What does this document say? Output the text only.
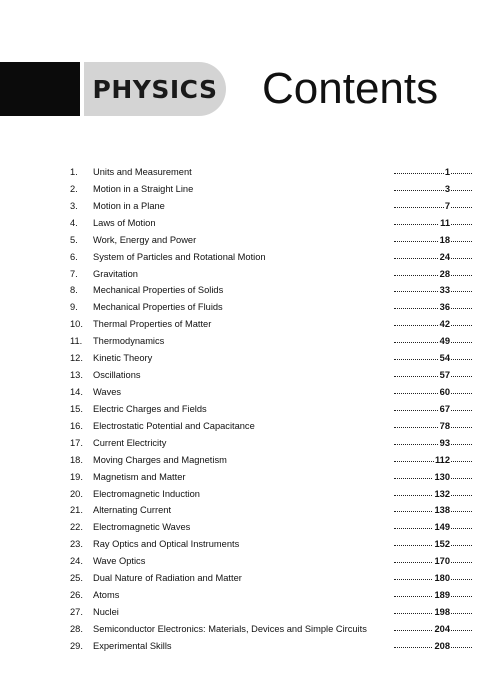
PHYSICS Contents
1. Units and Measurement	1
2. Motion in a Straight Line	3
3. Motion in a Plane	7
4. Laws of Motion	11
5. Work, Energy and Power	18
6. System of Particles and Rotational Motion	24
7. Gravitation	28
8. Mechanical Properties of Solids	33
9. Mechanical Properties of Fluids	36
10. Thermal Properties of Matter	42
11. Thermodynamics	49
12. Kinetic Theory	54
13. Oscillations	57
14. Waves	60
15. Electric Charges and Fields	67
16. Electrostatic Potential and Capacitance	78
17. Current Electricity	93
18. Moving Charges and Magnetism	112
19. Magnetism and Matter	130
20. Electromagnetic Induction	132
21. Alternating Current	138
22. Electromagnetic Waves	149
23. Ray Optics and Optical Instruments	152
24. Wave Optics	170
25. Dual Nature of Radiation and Matter	180
26. Atoms	189
27. Nuclei	198
28. Semiconductor Electronics: Materials, Devices and Simple Circuits	204
29. Experimental Skills	208
